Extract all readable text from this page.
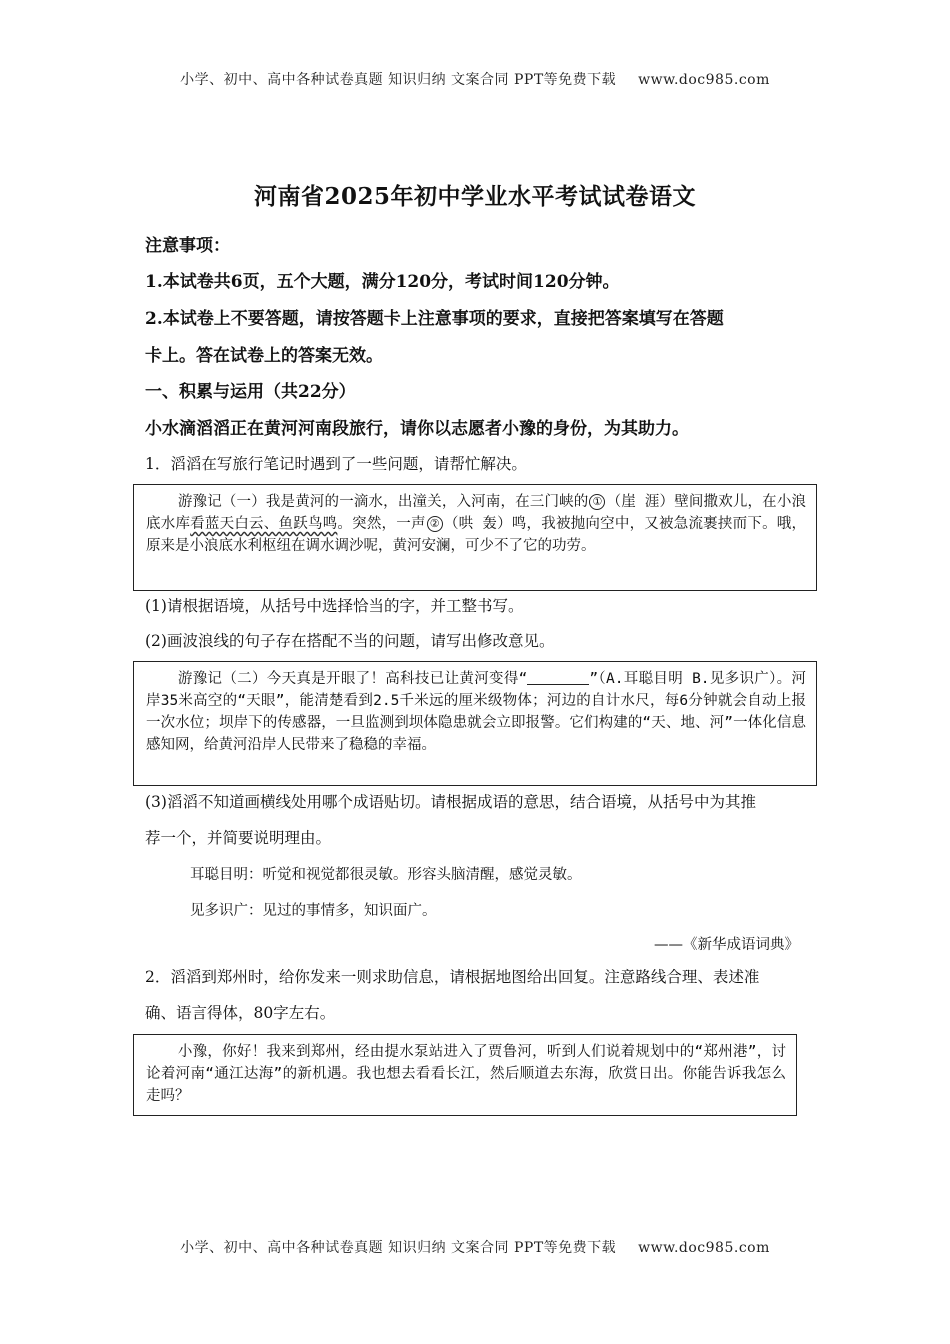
小学、初中、高中各种试卷真题 知识归纳 文案合同 PPT等免费下载 www.doc985.com
河南省2025年初中学业水平考试试卷语文
注意事项：
1.本试卷共6页，五个大题，满分120分，考试时间120分钟。
2.本试卷上不要答题，请按答题卡上注意事项的要求，直接把答案填写在答题
卡上。答在试卷上的答案无效。
一、积累与运用（共22分）
小水滴滔滔正在黄河河南段旅行，请你以志愿者小豫的身份，为其助力。
1．滔滔在写旅行笔记时遇到了一些问题，请帮忙解决。
(1)请根据语境，从括号中选择恰当的字，并工整书写。
(2)画波浪线的句子存在搭配不当的问题，请写出修改意见。
(3)滔滔不知道画横线处用哪个成语贴切。请根据成语的意思，结合语境，从括号中为其推
荐一个，并简要说明理由。
耳聪目明：听觉和视觉都很灵敏。形容头脑清醒，感觉灵敏。
见多识广：见过的事情多，知识面广。
——《新华成语词典》
2．滔滔到郑州时，给你发来一则求助信息，请根据地图给出回复。注意路线合理、表述准
确、语言得体，80字左右。

游豫记（一）我是黄河的一滴水，出潼关，入河南，在三门峡的 ① （崖 涯）壁间撒欢儿，在小浪底水库看蓝天白云、鱼跃鸟鸣。突然，一声 ② （哄 轰）鸣，我被抛向空中，又被急流裹挟而下。哦，原来是小浪底水利枢纽在调水调沙呢，黄河安澜，可少不了它的功劳。

游豫记（二）今天真是开眼了！高科技已让黄河变得“	”（A.耳聪目明 B.见多识广）。河岸35米高空的“天眼”，能清楚看到2.5千米远的厘米级物体；河边的自计水尺，每6分钟就会自动上报一次水位；坝岸下的传感器，一旦监测到坝体隐患就会立即报警。它们构建的“天、地、河”一体化信息感知网，给黄河沿岸人民带来了稳稳的幸福。

小豫，你好！我来到郑州，经由提水泵站进入了贾鲁河，听到人们说着规划中的“郑州港”，讨论着河南“通江达海”的新机遇。我也想去看看长江，然后顺道去东海，欣赏日出。你能告诉我怎么走吗？

小学、初中、高中各种试卷真题 知识归纳 文案合同 PPT等免费下载 www.doc985.com
